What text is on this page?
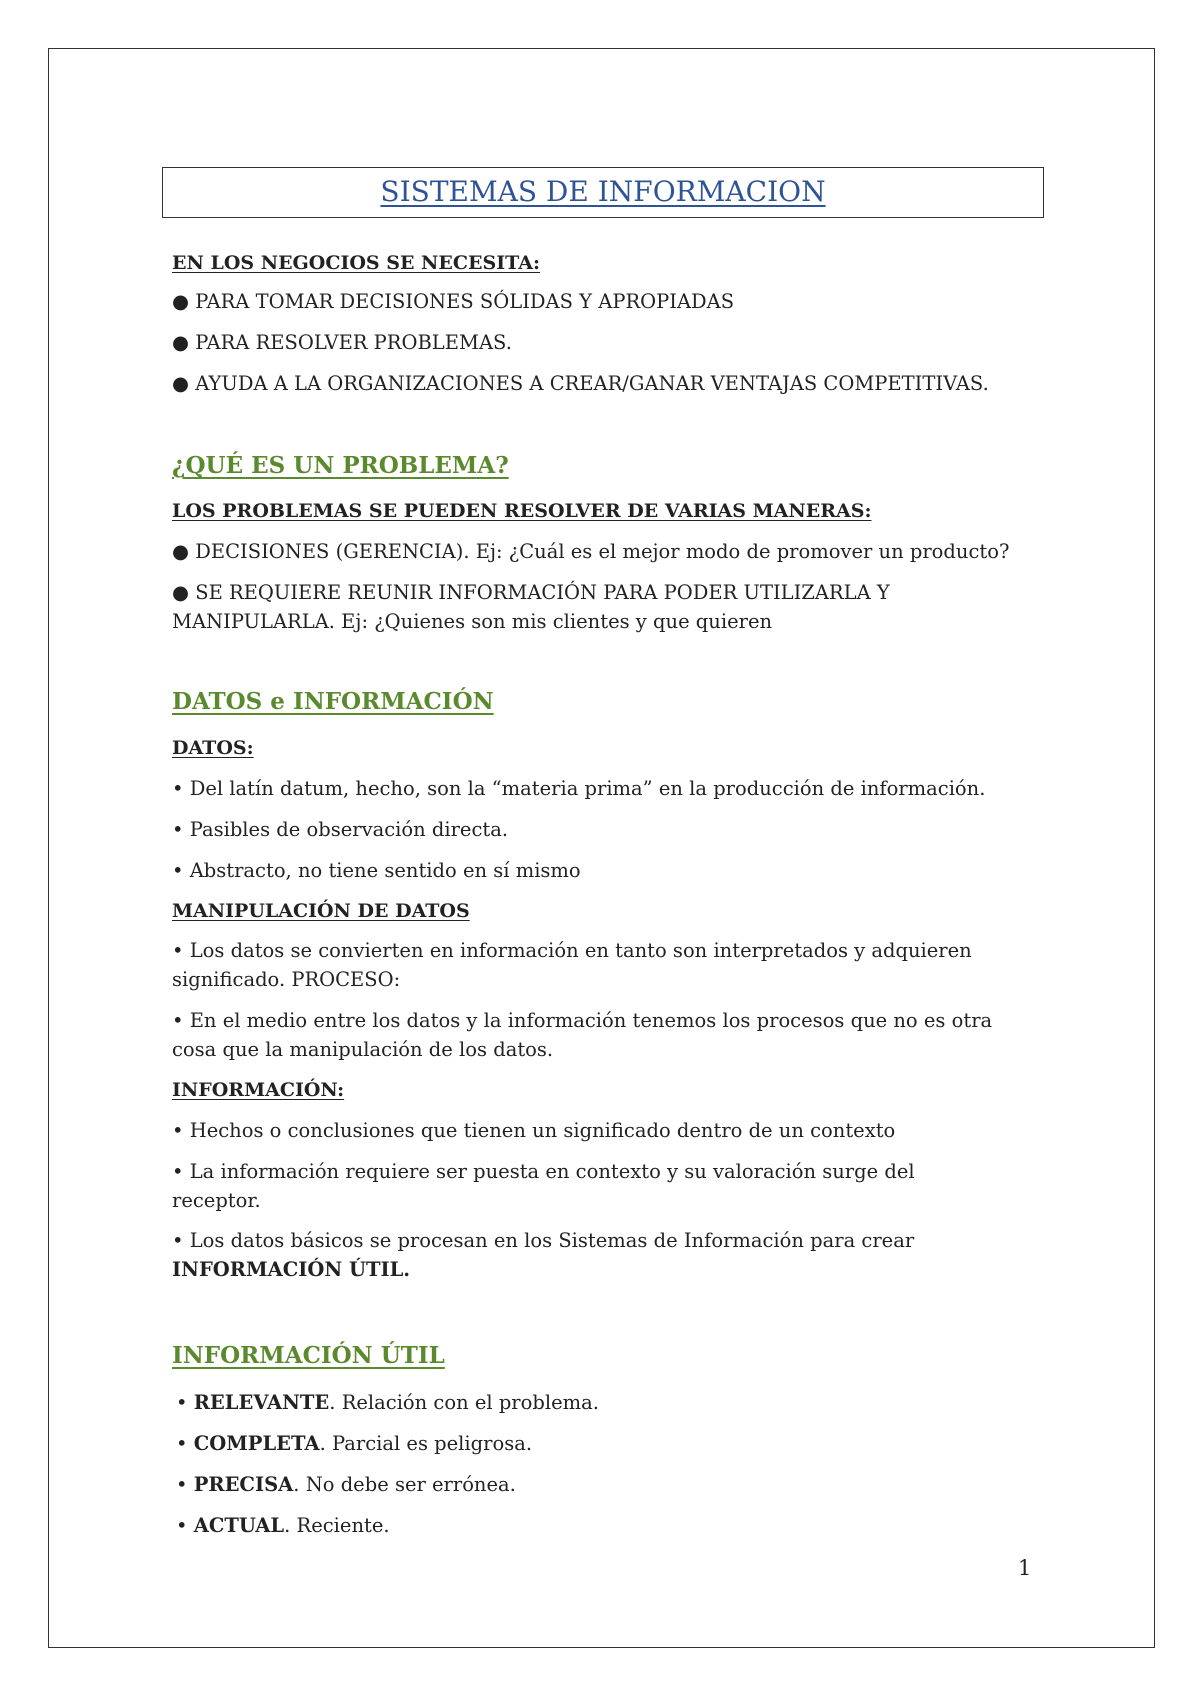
SISTEMAS DE INFORMACION
EN LOS NEGOCIOS SE NECESITA:
● PARA TOMAR DECISIONES SÓLIDAS Y APROPIADAS
● PARA RESOLVER PROBLEMAS.
● AYUDA A LA ORGANIZACIONES A CREAR/GANAR VENTAJAS COMPETITIVAS.
¿QUÉ ES UN PROBLEMA?
LOS PROBLEMAS SE PUEDEN RESOLVER DE VARIAS MANERAS:
● DECISIONES (GERENCIA). Ej: ¿Cuál es el mejor modo de promover un producto?
● SE REQUIERE REUNIR INFORMACIÓN PARA PODER UTILIZARLA Y
MANIPULARLA. Ej: ¿Quienes son mis clientes y que quieren
DATOS e INFORMACIÓN
DATOS:
• Del latín datum, hecho, son la “materia prima” en la producción de información.
• Pasibles de observación directa.
• Abstracto, no tiene sentido en sí mismo
MANIPULACIÓN DE DATOS
• Los datos se convierten en información en tanto son interpretados y adquieren
significado. PROCESO:
• En el medio entre los datos y la información tenemos los procesos que no es otra
cosa que la manipulación de los datos.
INFORMACIÓN:
• Hechos o conclusiones que tienen un significado dentro de un contexto
• La información requiere ser puesta en contexto y su valoración surge del
receptor.
• Los datos básicos se procesan en los Sistemas de Información para crear
INFORMACIÓN ÚTIL.
INFORMACIÓN ÚTIL
• RELEVANTE. Relación con el problema.
• COMPLETA. Parcial es peligrosa.
• PRECISA. No debe ser errónea.
• ACTUAL. Reciente.
1
